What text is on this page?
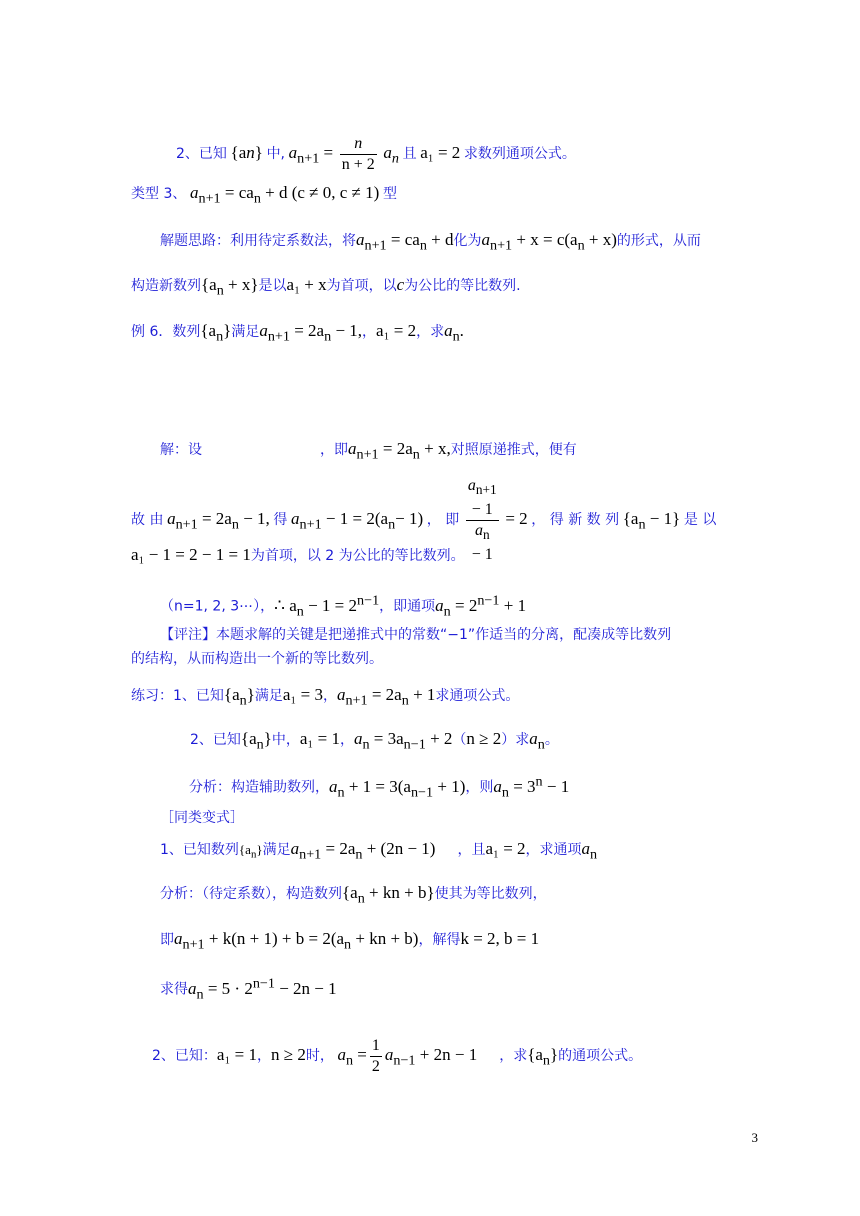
2、已知 {an} 中, $a_{n+1} = \frac{n}{n + 2} a_n$ 且 a₁ = 2 求数列通项公式。
类型 3、 $a_{n+1} = ca_n + d$ (c ≠ 0, c ≠ 1) 型
解题思路：利用待定系数法，将$a_{n+1} = ca_n + d$化为$a_{n+1} + x = c(a_n + x)$的形式，从而
构造新数列$\{a_n + x\}$是以a₁ + x为首项，以c为公比的等比数列.
例 6．数列$\{a_n\}$满足$a_{n+1} = 2a_n - 1$,，a₁ = 2，求$a_n$.
解：设	，即$a_{n+1} = 2a_n + x$,对照原递推式，便有
故 由 $a_{n+1} = 2a_n - 1$, 得 $a_{n+1} - 1 = 2(a_n- 1)$ ， 即 $a_{n+1}$
− 1
$a_n$
− 1 = 2 ， 得 新 数 列 $\{a_n - 1\}$ 是 以
a₁ − 1 = 2 − 1 = 1为首项，以 2 为公比的等比数列。
（n=1, 2, 3⋯），∴ $a_n - 1 = 2^{n-1}$，即通项$a_n = 2^{n-1} + 1$
【评注】本题求解的关键是把递推式中的常数“−1”作适当的分离，配凑成等比数列
的结构，从而构造出一个新的等比数列。
练习：1、已知$\{a_n\}$满足a₁ = 3，$a_{n+1} = 2a_n + 1$求通项公式。
2、已知$\{a_n\}$中，a₁ = 1，$a_n = 3a_{n-1} + 2(n \ge 2)$求$a_n$。
分析：构造辅助数列，$a_n + 1 = 3(a_{n-1} + 1)$，则$a_n = 3^n - 1$
［同类变式］
1、已知数列$\{a_n\}$满足$a_{n+1} = 2a_n + (2n - 1)$ ，且a₁ = 2，求通项$a_n$
分析：（待定系数），构造数列{$a_n$ + kn + b}使其为等比数列，
即$a_{n+1} + k(n + 1) + b = 2(a_n$ + kn + b)，解得k = 2, b = 1
求得$a_n = 5 \cdot 2^{n-1} - 2n - 1$
2、已知：a₁ = 1，n ≥ 2时， $a_n = \frac{1}{2} a_{n-1} + 2n - 1$ ，求$\{a_n\}$的通项公式。
3
